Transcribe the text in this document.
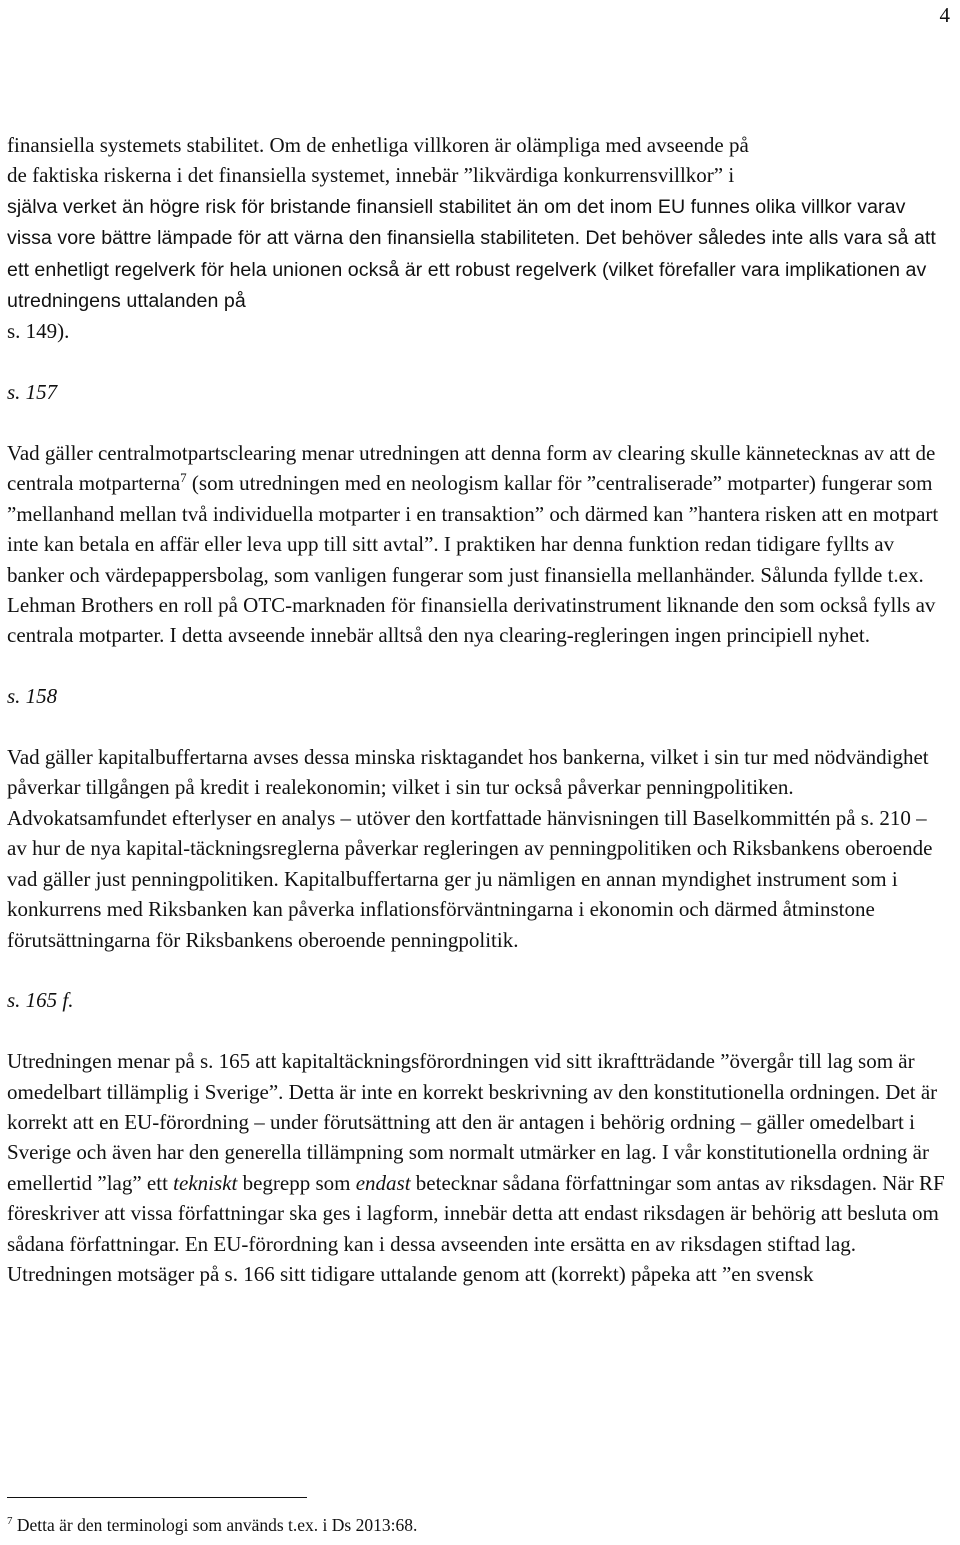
4

finansiella systemets stabilitet. Om de enhetliga villkoren är olämpliga med avseende på
de faktiska riskerna i det finansiella systemet, innebär ”likvärdiga konkurrensvillkor” i
själva verket än högre risk för bristande finansiell stabilitet än om det inom EU funnes olika villkor varav vissa vore bättre lämpade för att värna den finansiella stabiliteten. Det behöver således inte alls vara så att ett enhetligt regelverk för hela unionen också är ett robust regelverk (vilket förefaller vara implikationen av utredningens uttalanden på
s. 149).

s. 157

Vad gäller centralmotpartsclearing menar utredningen att denna form av clearing skulle kännetecknas av att de centrala motparterna$^7$ (som utredningen med en neologism kallar för ”centraliserade” motparter) fungerar som ”mellanhand mellan två individuella motparter i en transaktion” och därmed kan ”hantera risken att en motpart inte kan betala en affär eller leva upp till sitt avtal”. I praktiken har denna funktion redan tidigare fyllts av banker och värdepappersbolag, som vanligen fungerar som just finansiella mellanhänder. Sålunda fyllde t.ex. Lehman Brothers en roll på OTC-marknaden för finansiella derivatinstrument liknande den som också fylls av centrala motparter. I detta avseende innebär alltså den nya clearing-regleringen ingen principiell nyhet.

s. 158

Vad gäller kapitalbuffertarna avses dessa minska risktagandet hos bankerna, vilket i sin tur med nödvändighet påverkar tillgången på kredit i realekonomin; vilket i sin tur också påverkar penningpolitiken. Advokatsamfundet efterlyser en analys – utöver den kortfattade hänvisningen till Baselkommittén på s. 210 – av hur de nya kapital-täckningsreglerna påverkar regleringen av penningpolitiken och Riksbankens oberoende vad gäller just penningpolitiken. Kapitalbuffertarna ger ju nämligen en annan myndighet instrument som i konkurrens med Riksbanken kan påverka inflationsförväntningarna i ekonomin och därmed åtminstone förutsättningarna för Riksbankens oberoende penningpolitik.

s. 165 f.

Utredningen menar på s. 165 att kapitaltäckningsförordningen vid sitt ikraftträdande ”övergår till lag som är omedelbart tillämplig i Sverige”. Detta är inte en korrekt beskrivning av den konstitutionella ordningen. Det är korrekt att en EU-förordning – under förutsättning att den är antagen i behörig ordning – gäller omedelbart i Sverige och även har den generella tillämpning som normalt utmärker en lag. I vår konstitutionella ordning är emellertid ”lag” ett tekniskt begrepp som endast betecknar sådana författningar som antas av riksdagen. När RF föreskriver att vissa författningar ska ges i lagform, innebär detta att endast riksdagen är behörig att besluta om sådana författningar. En EU-förordning kan i dessa avseenden inte ersätta en av riksdagen stiftad lag. Utredningen motsäger på s. 166 sitt tidigare uttalande genom att (korrekt) påpeka att ”en svensk

$^7$ Detta är den terminologi som används t.ex. i Ds 2013:68.
